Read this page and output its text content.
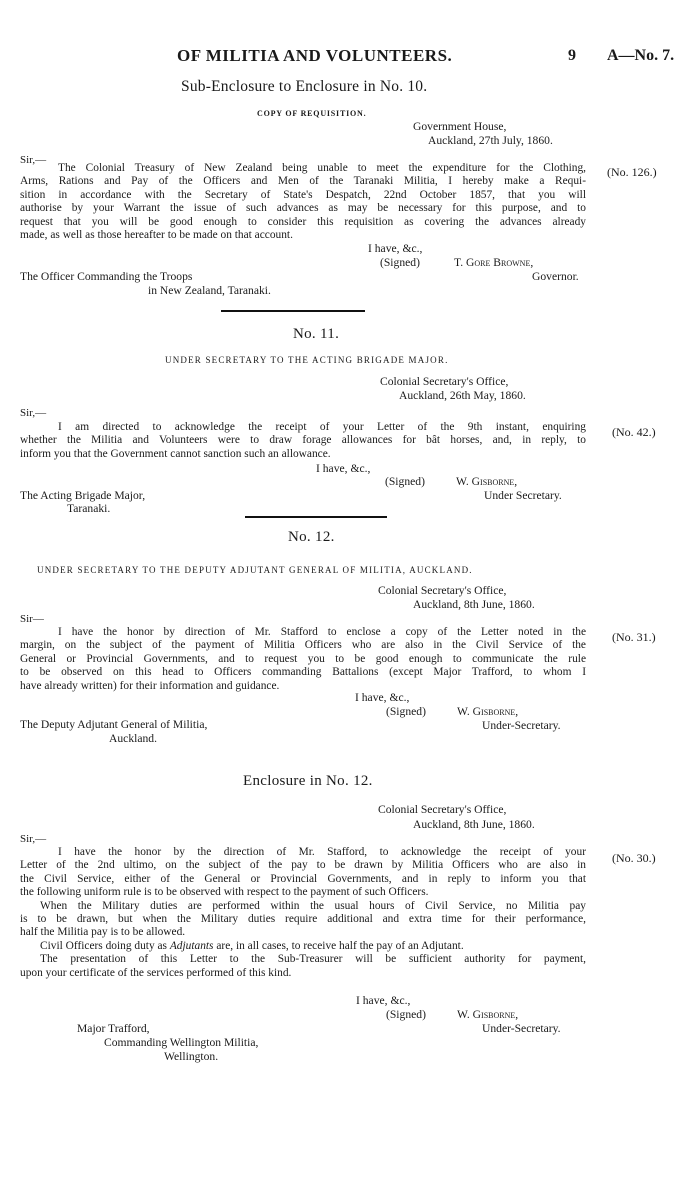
OF MILITIA AND VOLUNTEERS.	9 A—No. 7.
Sub-Enclosure to Enclosure in No. 10.
COPY OF REQUISITION.
Government House,
Auckland, 27th July, 1860.
Sir,—
(No. 126.)
The Colonial Treasury of New Zealand being unable to meet the expenditure for the Clothing,
Arms, Rations and Pay of the Officers and Men of the Taranaki Militia, I hereby make a Requi-
sition in accordance with the Secretary of State's Despatch, 22nd October 1857, that you will
authorise by your Warrant the issue of such advances as may be necessary for this purpose, and to
request that you will be good enough to consider this requisition as covering the advances already
made, as well as those hereafter to be made on that account.
I have, &c.,
(Signed)	T. Gore Browne,
Governor.
The Officer Commanding the Troops
in New Zealand, Taranaki.
No. 11.
UNDER SECRETARY TO THE ACTING BRIGADE MAJOR.
Colonial Secretary's Office,
Auckland, 26th May, 1860.
Sir,—
(No. 42.)
I am directed to acknowledge the receipt of your Letter of the 9th instant, enquiring
whether the Militia and Volunteers were to draw forage allowances for bât horses, and, in reply, to
inform you that the Government cannot sanction such an allowance.
I have, &c.,
(Signed)	W. Gisborne,
Under Secretary.
The Acting Brigade Major,
Taranaki.
No. 12.
UNDER SECRETARY TO THE DEPUTY ADJUTANT GENERAL OF MILITIA, AUCKLAND.
Colonial Secretary's Office,
Auckland, 8th June, 1860.
Sir—
(No. 31.)
I have the honor by direction of Mr. Stafford to enclose a copy of the Letter noted in the
margin, on the subject of the payment of Militia Officers who are also in the Civil Service of the
General or Provincial Governments, and to request you to be good enough to communicate the rule
to be observed on this head to Officers commanding Battalions (except Major Trafford, to whom I
have already written) for their information and guidance.
I have, &c.,
(Signed)	W. Gisborne,
Under-Secretary.
The Deputy Adjutant General of Militia,
Auckland.
Enclosure in No. 12.
Colonial Secretary's Office,
Auckland, 8th June, 1860.
Sir,—
(No. 30.)
I have the honor by the direction of Mr. Stafford, to acknowledge the receipt of your
Letter of the 2nd ultimo, on the subject of the pay to be drawn by Militia Officers who are also in
the Civil Service, either of the General or Provincial Governments, and in reply to inform you that
the following uniform rule is to be observed with respect to the payment of such Officers.
When the Military duties are performed within the usual hours of Civil Service, no Militia pay
is to be drawn, but when the Military duties require additional and extra time for their performance,
half the Militia pay is to be allowed.
Civil Officers doing duty as Adjutants are, in all cases, to receive half the pay of an Adjutant.
The presentation of this Letter to the Sub-Treasurer will be sufficient authority for payment,
upon your certificate of the services performed of this kind.
I have, &c.,
(Signed)	W. Gisborne,
Under-Secretary.
Major Trafford,
Commanding Wellington Militia,
Wellington.
